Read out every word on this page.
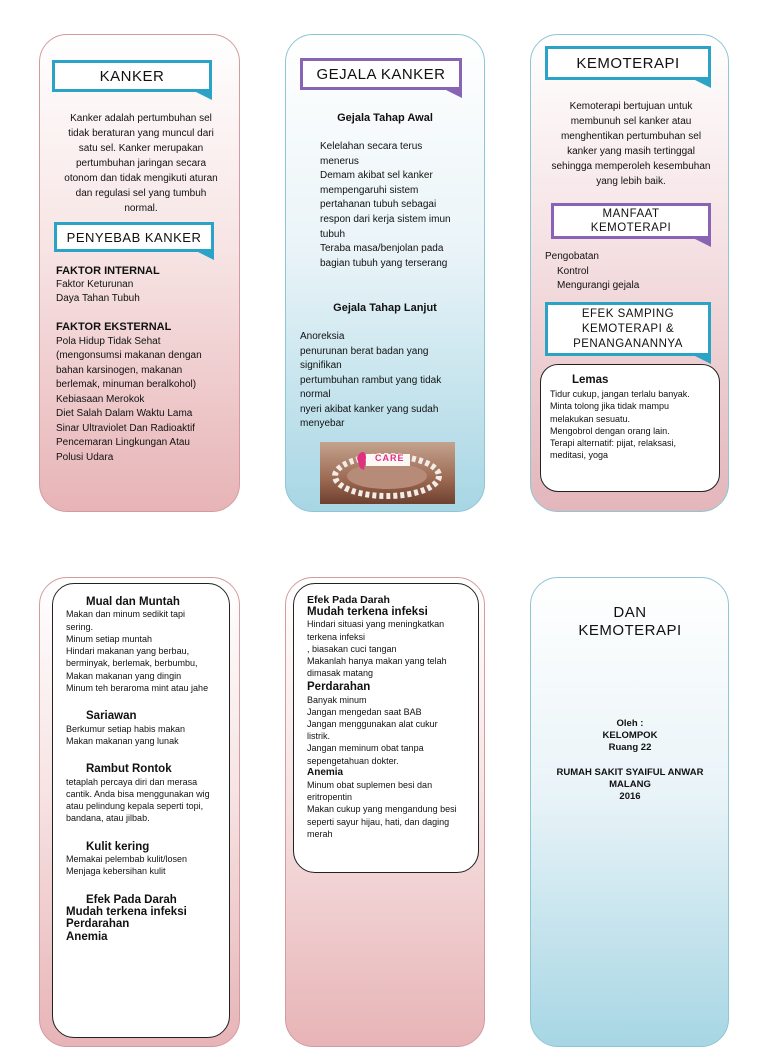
KANKER
Kanker adalah pertumbuhan sel tidak beraturan yang muncul dari satu sel. Kanker merupakan pertumbuhan jaringan secara otonom dan tidak mengikuti aturan dan regulasi sel yang tumbuh normal.
PENYEBAB KANKER
FAKTOR INTERNAL
Faktor Keturunan
Daya Tahan Tubuh
FAKTOR EKSTERNAL
Pola Hidup Tidak Sehat
(mengonsumsi makanan dengan
bahan karsinogen, makanan
berlemak, minuman beralkohol)
Kebiasaan Merokok
Diet Salah Dalam Waktu Lama
Sinar Ultraviolet Dan Radioaktif
Pencemaran Lingkungan Atau
Polusi Udara
GEJALA KANKER
Gejala Tahap Awal
Kelelahan secara terus
menerus
Demam akibat sel kanker
mempengaruhi sistem
pertahanan tubuh sebagai
respon dari kerja sistem imun
tubuh
Teraba masa/benjolan pada
bagian tubuh yang terserang
Gejala Tahap Lanjut
Anoreksia
penurunan berat badan yang
signifikan
pertumbuhan rambut yang tidak
normal
nyeri akibat kanker yang sudah
menyebar
CARE
KEMOTERAPI
Kemoterapi bertujuan untuk membunuh sel kanker atau menghentikan pertumbuhan sel kanker yang masih tertinggal sehingga memperoleh kesembuhan yang lebih baik.
MANFAAT
KEMOTERAPI
Pengobatan
Kontrol
Mengurangi gejala
EFEK SAMPING
KEMOTERAPI &
PENANGANANNYA
Lemas
Tidur cukup, jangan terlalu banyak.
Minta tolong jika tidak mampu
melakukan sesuatu.
Mengobrol dengan orang lain.
Terapi alternatif: pijat, relaksasi,
meditasi, yoga
Mual dan Muntah
Makan dan minum sedikit tapi
sering.
Minum setiap muntah
Hindari makanan yang berbau,
berminyak, berlemak, berbumbu,
Makan makanan yang dingin
Minum teh beraroma mint atau jahe
Sariawan
Berkumur setiap habis makan
Makan makanan yang lunak
Rambut Rontok
tetaplah percaya diri dan merasa
cantik. Anda bisa menggunakan wig
atau pelindung kepala seperti topi,
bandana, atau jilbab.
Kulit kering
Memakai pelembab kulit/losen
Menjaga kebersihan kulit
Efek Pada Darah
Mudah terkena infeksi
Perdarahan
Anemia
Efek Pada Darah
Mudah terkena infeksi
Hindari situasi yang meningkatkan
terkena infeksi
, biasakan cuci tangan
Makanlah hanya makan yang telah
dimasak matang
Perdarahan
Banyak minum
Jangan mengedan saat BAB
Jangan menggunakan alat cukur
listrik.
Jangan meminum obat tanpa
sepengetahuan dokter.
Anemia
Minum obat suplemen besi dan
eritropentin
Makan cukup yang mengandung besi
seperti sayur hijau, hati, dan daging
merah
DAN
KEMOTERAPI
Oleh :
KELOMPOK
Ruang 22
RUMAH SAKIT SYAIFUL ANWAR
MALANG
2016
